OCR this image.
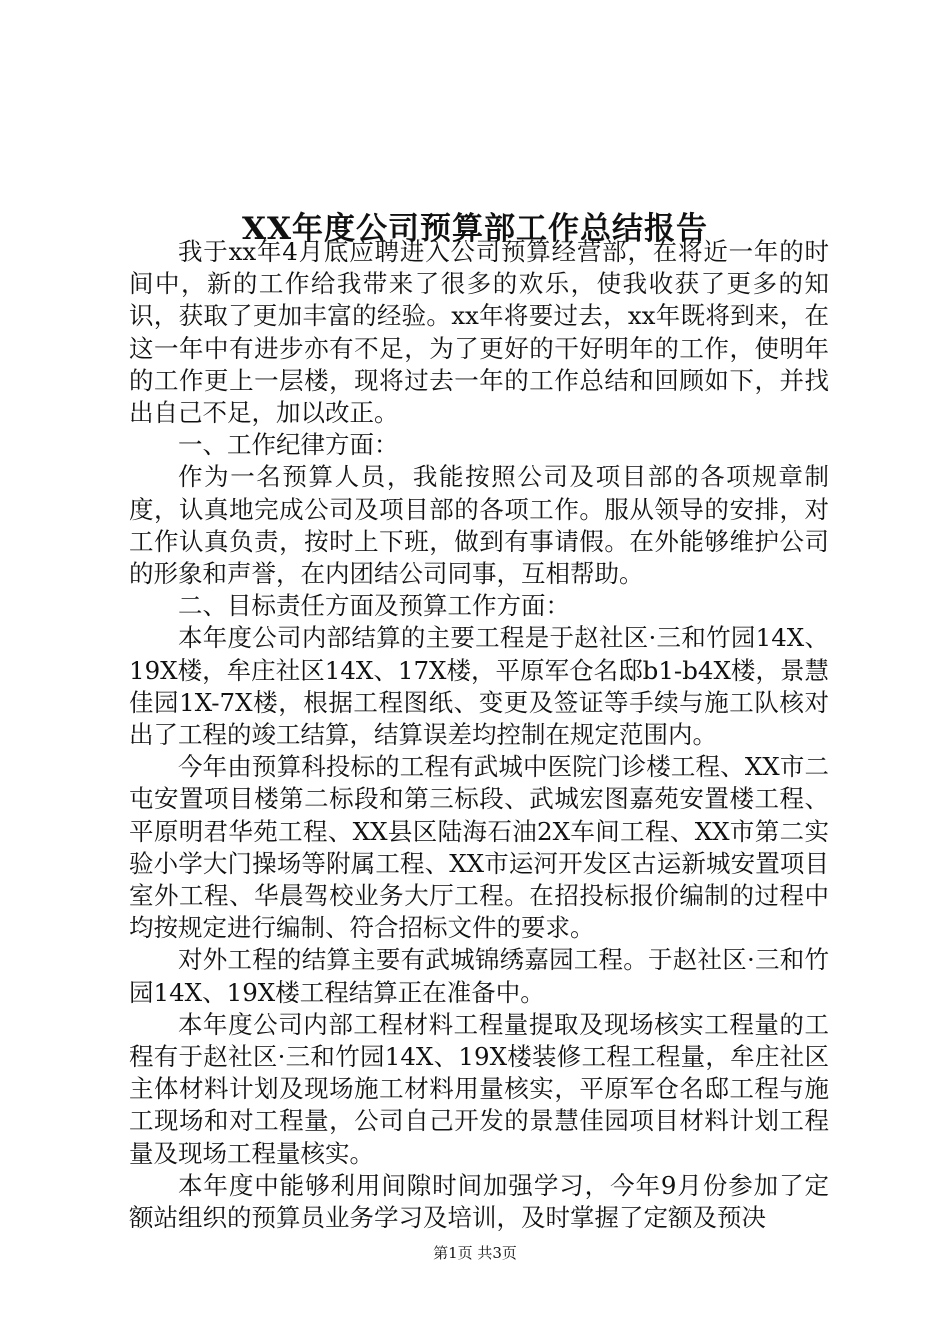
XX年度公司预算部工作总结报告

我于xx年4月底应聘进入公司预算经营部，在将近一年的时间中，新的工作给我带来了很多的欢乐，使我收获了更多的知识，获取了更加丰富的经验。xx年将要过去，xx年既将到来，在这一年中有进步亦有不足，为了更好的干好明年的工作，使明年的工作更上一层楼，现将过去一年的工作总结和回顾如下，并找出自己不足，加以改正。

一、工作纪律方面：

作为一名预算人员，我能按照公司及项目部的各项规章制度，认真地完成公司及项目部的各项工作。服从领导的安排，对工作认真负责，按时上下班，做到有事请假。在外能够维护公司的形象和声誉，在内团结公司同事，互相帮助。

二、目标责任方面及预算工作方面：

本年度公司内部结算的主要工程是于赵社区·三和竹园14X、19X楼，牟庄社区14X、17X楼，平原军仓名邸b1-b4X楼，景慧佳园1X-7X楼，根据工程图纸、变更及签证等手续与施工队核对出了工程的竣工结算，结算误差均控制在规定范围内。

今年由预算科投标的工程有武城中医院门诊楼工程、XX市二屯安置项目楼第二标段和第三标段、武城宏图嘉苑安置楼工程、平原明君华苑工程、XX县区陆海石油2X车间工程、XX市第二实验小学大门操场等附属工程、XX市运河开发区古运新城安置项目室外工程、华晨驾校业务大厅工程。在招投标报价编制的过程中均按规定进行编制、符合招标文件的要求。

对外工程的结算主要有武城锦绣嘉园工程。于赵社区·三和竹园14X、19X楼工程结算正在准备中。

本年度公司内部工程材料工程量提取及现场核实工程量的工程有于赵社区·三和竹园14X、19X楼装修工程工程量，牟庄社区主体材料计划及现场施工材料用量核实，平原军仓名邸工程与施工现场和对工程量，公司自己开发的景慧佳园项目材料计划工程量及现场工程量核实。

本年度中能够利用间隙时间加强学习，今年9月份参加了定额站组织的预算员业务学习及培训，及时掌握了定额及预决

第1页 共3页
